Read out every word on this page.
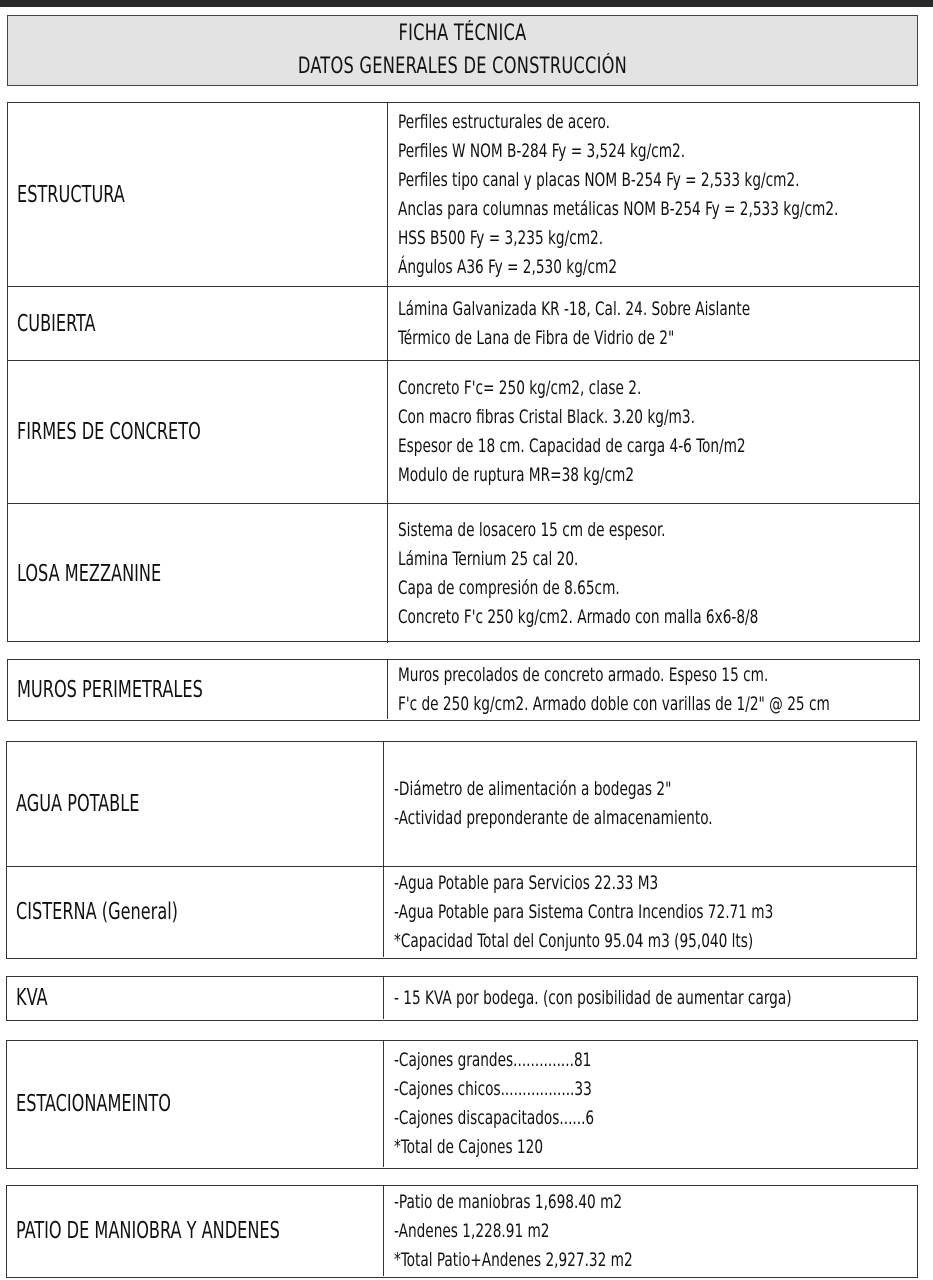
FICHA TÉCNICA
DATOS GENERALES DE CONSTRUCCIÓN
ESTRUCTURA
Perfiles estructurales de acero.
Perfiles W NOM B-284 Fy = 3,524 kg/cm2.
Perfiles tipo canal y placas NOM B-254 Fy = 2,533 kg/cm2.
Anclas para columnas metálicas NOM B-254 Fy = 2,533 kg/cm2.
HSS B500 Fy = 3,235 kg/cm2.
Ángulos A36 Fy = 2,530 kg/cm2
CUBIERTA
Lámina Galvanizada KR -18, Cal. 24. Sobre Aislante
Térmico de Lana de Fibra de Vidrio de 2"
FIRMES DE CONCRETO
Concreto F'c= 250 kg/cm2, clase 2.
Con macro fibras Cristal Black. 3.20 kg/m3.
Espesor de 18 cm. Capacidad de carga 4-6 Ton/m2
Modulo de ruptura MR=38 kg/cm2
LOSA MEZZANINE
Sistema de losacero 15 cm de espesor.
Lámina Ternium 25 cal 20.
Capa de compresión de 8.65cm.
Concreto F'c 250 kg/cm2. Armado con malla 6x6-8/8
MUROS PERIMETRALES
Muros precolados de concreto armado. Espeso 15 cm.
F'c de 250 kg/cm2. Armado doble con varillas de 1/2" @ 25 cm
AGUA POTABLE
-Diámetro de alimentación a bodegas 2"
-Actividad preponderante de almacenamiento.
CISTERNA (General)
-Agua Potable para Servicios 22.33 M3
-Agua Potable para Sistema Contra Incendios 72.71 m3
*Capacidad Total del Conjunto 95.04 m3 (95,040 lts)
KVA	- 15 KVA por bodega. (con posibilidad de aumentar carga)
ESTACIONAMEINTO
-Cajones grandes..............81
-Cajones chicos.................33
-Cajones discapacitados......6
*Total de Cajones 120
PATIO DE MANIOBRA Y ANDENES
-Patio de maniobras 1,698.40 m2
-Andenes 1,228.91 m2
*Total Patio+Andenes 2,927.32 m2
